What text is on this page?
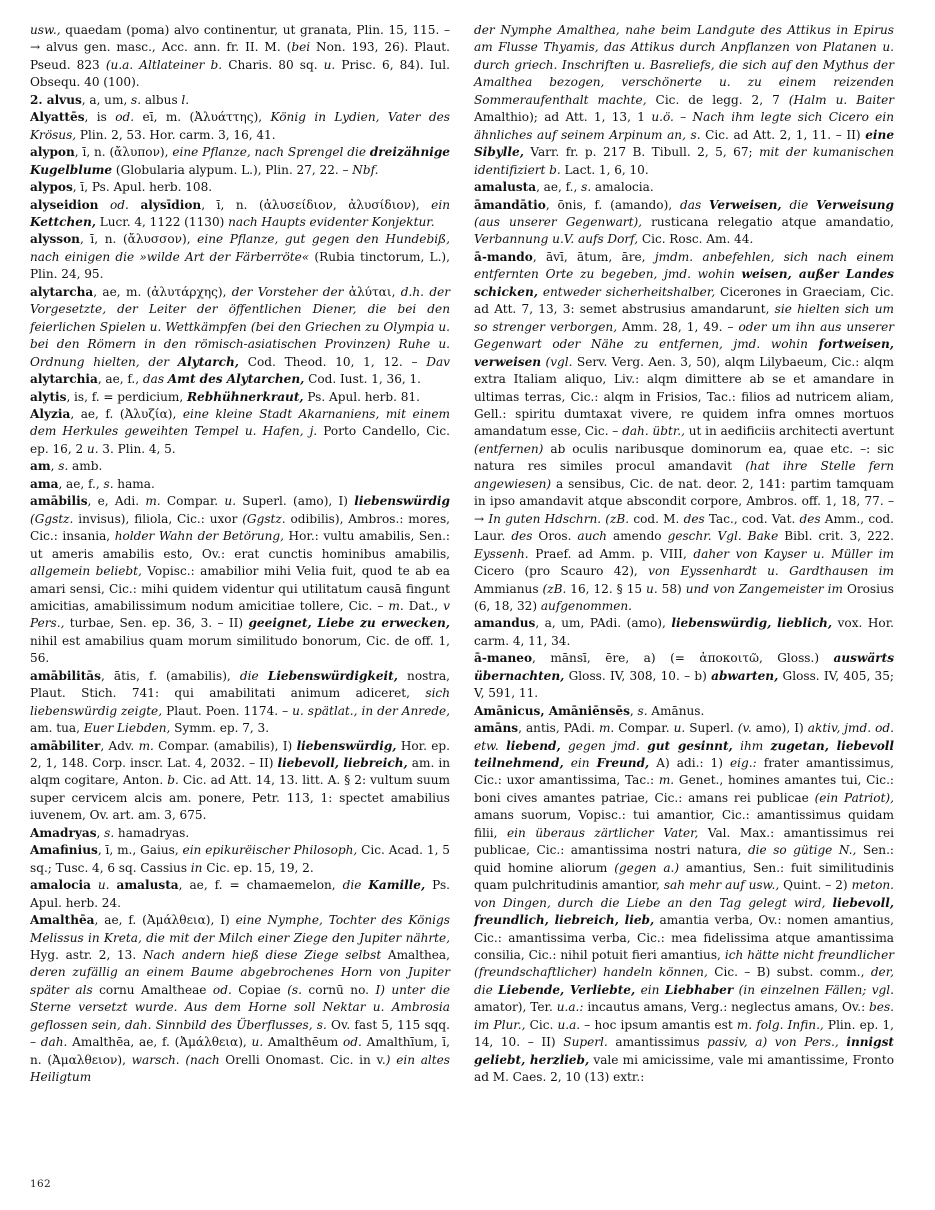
usw., quaedam (poma) alvo continentur, ut granata, Plin. 15, 115. – → alvus gen. masc., Acc. ann. fr. II. M. (bei Non. 193, 26). Plaut. Pseud. 823 (u.a. Altlateiner b. Charis. 80 sq. u. Prisc. 6, 84). Iul. Obsequ. 40 (100).

2. alvus, a, um, s. albus l.

Alyattēs, is od. eī, m. (Ἀλυάττης), König in Lydien, Vater des Krösus, Plin. 2, 53. Hor. carm. 3, 16, 41.

alypon, ī, n. (ἄλυπον), eine Pflanze, nach Sprengel die dreizähnige Kugelblume (Globularia alypum. L.), Plin. 27, 22. – Nbf.

alypos, ī, Ps. Apul. herb. 108.

alyseidion od. alysīdion, ī, n. (ἀλυσείδιον, ἀλυσίδιον), ein Kettchen, Lucr. 4, 1122 (1130) nach Haupts evidenter Konjektur.

alysson, ī, n. (ἄλυσσον), eine Pflanze, gut gegen den Hundebiß, nach einigen die »wilde Art der Färberröte« (Rubia tinctorum, L.), Plin. 24, 95.

alytarcha, ae, m. (ἀλυτάρχης), der Vorsteher der ἀλύται, d.h. der Vorgesetzte, der Leiter der öffentlichen Diener, die bei den feierlichen Spielen u. Wettkämpfen (bei den Griechen zu Olympia u. bei den Römern in den römisch-asiatischen Provinzen) Ruhe u. Ordnung hielten, der Alytarch, Cod. Theod. 10, 1, 12. – Dav alytarchia, ae, f., das Amt des Alytarchen, Cod. Iust. 1, 36, 1.

alytis, is, f. = perdicium, Rebhühnerkraut, Ps. Apul. herb. 81.

Alyzia, ae, f. (Ἀλυζία), eine kleine Stadt Akarnaniens, mit einem dem Herkules geweihten Tempel u. Hafen, j. Porto Candello, Cic. ep. 16, 2 u. 3. Plin. 4, 5.

am, s. amb.

ama, ae, f., s. hama.

amābilis, e, Adi. m. Compar. u. Superl. (amo), I) liebenswürdig (Ggstz. invisus), filiola, Cic.: uxor (Ggstz. odibilis), Ambros.: mores, Cic.: insania, holder Wahn der Betörung, Hor.: vultu amabilis, Sen.: ut ameris amabilis esto, Ov.: erat cunctis hominibus amabilis, allgemein beliebt, Vopisc.: amabilior mihi Velia fuit, quod te ab ea amari sensi, Cic.: mihi quidem videntur qui utilitatum causā fingunt amicitias, amabilissimum nodum amicitiae tollere, Cic. – m. Dat., v Pers., turbae, Sen. ep. 36, 3. – II) geeignet, Liebe zu erwecken, nihil est amabilius quam morum similitudo bonorum, Cic. de off. 1, 56.

amābilitās, ātis, f. (amabilis), die Liebenswürdigkeit, nostra, Plaut. Stich. 741: qui amabilitati animum adiceret, sich liebenswürdig zeigte, Plaut. Poen. 1174. – u. spätlat., in der Anrede, am. tua, Euer Liebden, Symm. ep. 7, 3.

amābiliter, Adv. m. Compar. (amabilis), I) liebenswürdig, Hor. ep. 2, 1, 148. Corp. inscr. Lat. 4, 2032. – II) liebevoll, liebreich, am. in alqm cogitare, Anton. b. Cic. ad Att. 14, 13. litt. A. § 2: vultum suum super cervicem alcis am. ponere, Petr. 113, 1: spectet amabilius iuvenem, Ov. art. am. 3, 675.

Amadryas, s. hamadryas.

Amafinius, ī, m., Gaius, ein epikurëischer Philosoph, Cic. Acad. 1, 5 sq.; Tusc. 4, 6 sq. Cassius in Cic. ep. 15, 19, 2.

amalocia u. amalusta, ae, f. = chamaemelon, die Kamille, Ps. Apul. herb. 24.

Amalthēa, ae, f. (Ἀμάλθεια), I) eine Nymphe, Tochter des Königs Melissus in Kreta, die mit der Milch einer Ziege den Jupiter nährte, Hyg. astr. 2, 13. Nach andern hieß diese Ziege selbst Amalthea, deren zufällig an einem Baume abgebrochenes Horn von Jupiter später als cornu Amaltheae od. Copiae (s. cornū no. I) unter die Sterne versetzt wurde. Aus dem Horne soll Nektar u. Ambrosia geflossen sein, dah. Sinnbild des Überflusses, s. Ov. fast 5, 115 sqq. – dah. Amalthēa, ae, f. (Ἀμάλθεια), u. Amalthēum od. Amalthīum, ī, n. (Ἀμαλθειον), warsch. (nach Orelli Onomast. Cic. in v.) ein altes Heiligtum

der Nymphe Amalthea, nahe beim Landgute des Attikus in Epirus am Flusse Thyamis, das Attikus durch Anpflanzen von Platanen u. durch griech. Inschriften u. Basreliefs, die sich auf den Mythus der Amalthea bezogen, verschönerte u. zu einem reizenden Sommeraufenthalt machte, Cic. de legg. 2, 7 (Halm u. Baiter Amalthio); ad Att. 1, 13, 1 u.ö. – Nach ihm legte sich Cicero ein ähnliches auf seinem Arpinum an, s. Cic. ad Att. 2, 1, 11. – II) eine Sibylle, Varr. fr. p. 217 B. Tibull. 2, 5, 67; mit der kumanischen identifiziert b. Lact. 1, 6, 10.

amalusta, ae, f., s. amalocia.

āmandātio, ōnis, f. (amando), das Verweisen, die Verweisung (aus unserer Gegenwart), rusticana relegatio atque amandatio, Verbannung u.V. aufs Dorf, Cic. Rosc. Am. 44.

ā-mando, āvī, ātum, āre, jmdm. anbefehlen, sich nach einem entfernten Orte zu begeben, jmd. wohin weisen, außer Landes schicken, entweder sicherheitshalber, Cicerones in Graeciam, Cic. ad Att. 7, 13, 3: semet abstrusius amandarunt, sie hielten sich um so strenger verborgen, Amm. 28, 1, 49. – oder um ihn aus unserer Gegenwart oder Nähe zu entfernen, jmd. wohin fortweisen, verweisen (vgl. Serv. Verg. Aen. 3, 50), alqm Lilybaeum, Cic.: alqm extra Italiam aliquo, Liv.: alqm dimittere ab se et amandare in ultimas terras, Cic.: alqm in Frisios, Tac.: filios ad nutricem aliam, Gell.: spiritu dumtaxat vivere, re quidem infra omnes mortuos amandatum esse, Cic. – dah. übtr., ut in aedificiis architecti avertunt (entfernen) ab oculis naribusque dominorum ea, quae etc. –: sic natura res similes procul amandavit (hat ihre Stelle fern angewiesen) a sensibus, Cic. de nat. deor. 2, 141: partim tamquam in ipso amandavit atque abscondit corpore, Ambros. off. 1, 18, 77. – → In guten Hdschrn. (zB. cod. M. des Tac., cod. Vat. des Amm., cod. Laur. des Oros. auch amendo geschr. Vgl. Bake Bibl. crit. 3, 222. Eyssenh. Praef. ad Amm. p. VIII, daher von Kayser u. Müller im Cicero (pro Scauro 42), von Eyssenhardt u. Gardthausen im Ammianus (zB. 16, 12. § 15 u. 58) und von Zangemeister im Orosius (6, 18, 32) aufgenommen.

amandus, a, um, PAdi. (amo), liebenswürdig, lieblich, vox. Hor. carm. 4, 11, 34.

ā-maneo, mānsī, ēre, a) (= ἀποκοιτῶ, Gloss.) auswärts übernachten, Gloss. IV, 308, 10. – b) abwarten, Gloss. IV, 405, 35; V, 591, 11.

Amānicus, Amāniēnsēs, s. Amānus.

amāns, antis, PAdi. m. Compar. u. Superl. (v. amo), I) aktiv, jmd. od. etw. liebend, gegen jmd. gut gesinnt, ihm zugetan, liebevoll teilnehmend, ein Freund, A) adi.: 1) eig.: frater amantissimus, Cic.: uxor amantissima, Tac.: m. Genet., homines amantes tui, Cic.: boni cives amantes patriae, Cic.: amans rei publicae (ein Patriot), amans suorum, Vopisc.: tui amantior, Cic.: amantissimus quidam filii, ein überaus zärtlicher Vater, Val. Max.: amantissimus rei publicae, Cic.: amantissima nostri natura, die so gütige N., Sen.: quid homine aliorum (gegen a.) amantius, Sen.: fuit similitudinis quam pulchritudinis amantior, sah mehr auf usw., Quint. – 2) meton. von Dingen, durch die Liebe an den Tag gelegt wird, liebevoll, freundlich, liebreich, lieb, amantia verba, Ov.: nomen amantius, Cic.: amantissima verba, Cic.: mea fidelissima atque amantissima consilia, Cic.: nihil potuit fieri amantius, ich hätte nicht freundlicher (freundschaftlicher) handeln können, Cic. – B) subst. comm., der, die Liebende, Verliebte, ein Liebhaber (in einzelnen Fällen; vgl. amator), Ter. u.a.: incautus amans, Verg.: neglectus amans, Ov.: bes. im Plur., Cic. u.a. – hoc ipsum amantis est m. folg. Infin., Plin. ep. 1, 14, 10. – II) Superl. amantissimus passiv, a) von Pers., innigst geliebt, herzlieb, vale mi amicissime, vale mi amantissime, Fronto ad M. Caes. 2, 10 (13) extr.:

162
